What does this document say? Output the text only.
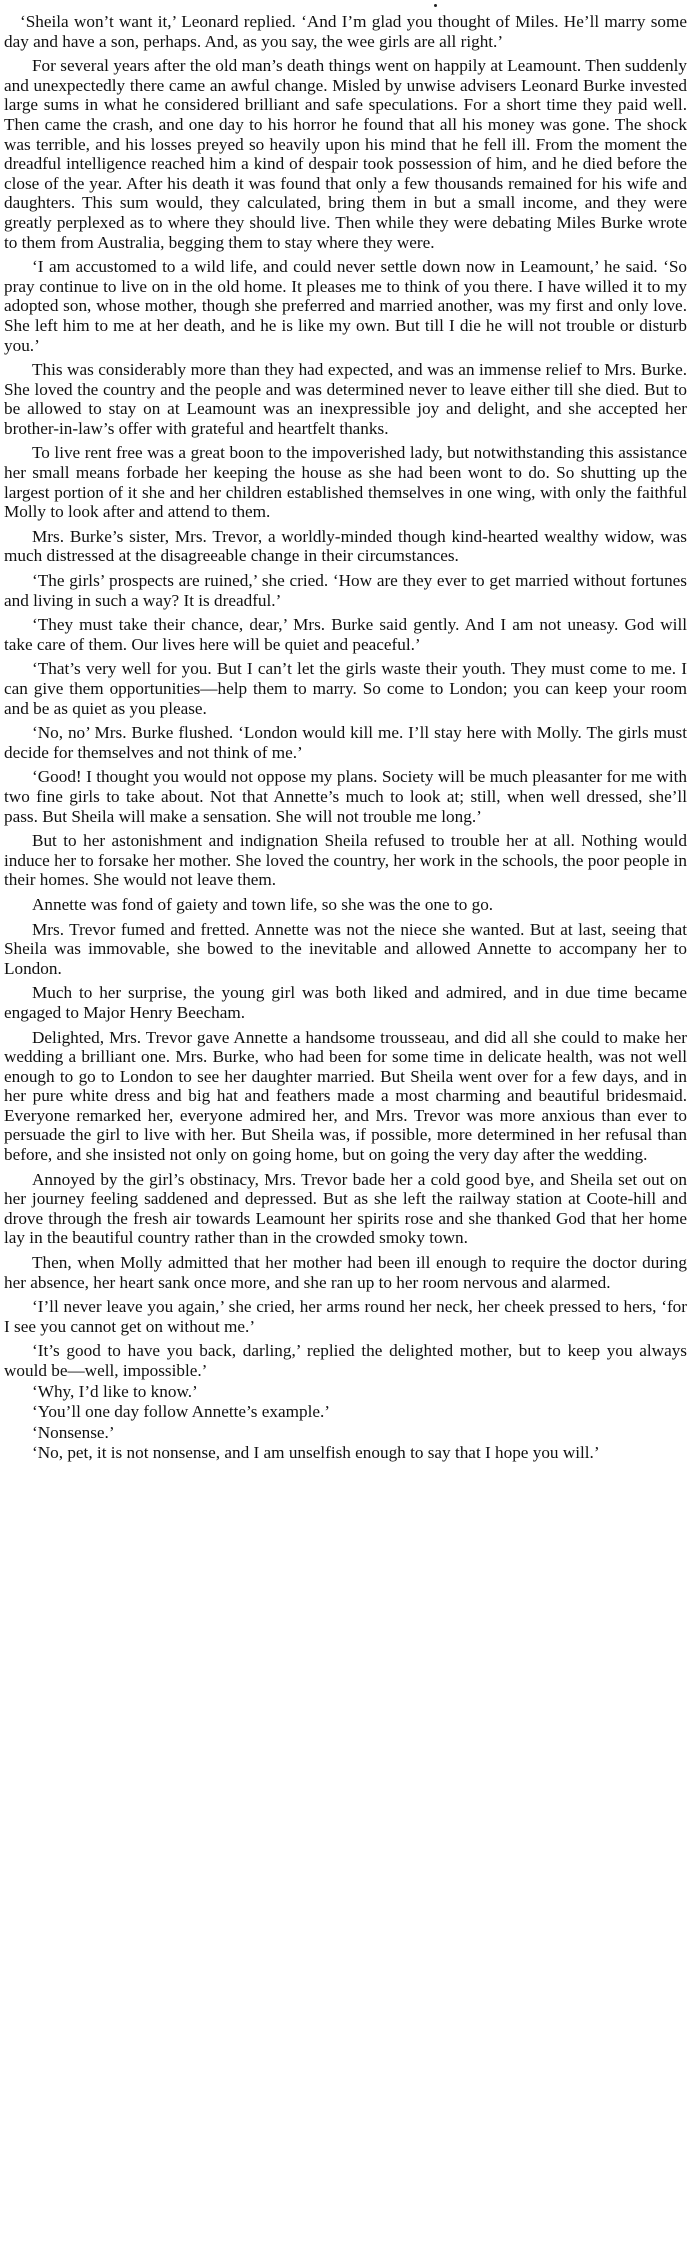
‘Sheila won’t want it,’ Leonard replied. ‘And I’m glad you thought of Miles. He’ll marry some day and have a son, perhaps. And, as you say, the wee girls are all right.’

For several years after the old man’s death things went on happily at Leamount. Then suddenly and unexpectedly there came an awful change. Misled by unwise advisers Leonard Burke invested large sums in what he considered brilliant and safe speculations. For a short time they paid well. Then came the crash, and one day to his horror he found that all his money was gone. The shock was terrible, and his losses preyed so heavily upon his mind that he fell ill. From the moment the dreadful intelligence reached him a kind of despair took possession of him, and he died before the close of the year. After his death it was found that only a few thousands remained for his wife and daughters. This sum would, they calculated, bring them in but a small income, and they were greatly perplexed as to where they should live. Then while they were debating Miles Burke wrote to them from Australia, begging them to stay where they were.

‘I am accustomed to a wild life, and could never settle down now in Leamount,’ he said. ‘So pray continue to live on in the old home. It pleases me to think of you there. I have willed it to my adopted son, whose mother, though she preferred and married another, was my first and only love. She left him to me at her death, and he is like my own. But till I die he will not trouble or disturb you.’

This was considerably more than they had expected, and was an immense relief to Mrs. Burke. She loved the country and the people and was determined never to leave either till she died. But to be allowed to stay on at Leamount was an inexpressible joy and delight, and she accepted her brother-in-law’s offer with grateful and heartfelt thanks.

To live rent free was a great boon to the impoverished lady, but notwithstanding this assistance her small means forbade her keeping the house as she had been wont to do. So shutting up the largest portion of it she and her children established themselves in one wing, with only the faithful Molly to look after and attend to them.

Mrs. Burke’s sister, Mrs. Trevor, a worldly-minded though kind-hearted wealthy widow, was much distressed at the disagreeable change in their circumstances.

‘The girls’ prospects are ruined,’ she cried. ‘How are they ever to get married without fortunes and living in such a way? It is dreadful.’

‘They must take their chance, dear,’ Mrs. Burke said gently. And I am not uneasy. God will take care of them. Our lives here will be quiet and peaceful.’

‘That’s very well for you. But I can’t let the girls waste their youth. They must come to me. I can give them opportunities—help them to marry. So come to London; you can keep your room and be as quiet as you please.

‘No, no’ Mrs. Burke flushed. ‘London would kill me. I’ll stay here with Molly. The girls must decide for themselves and not think of me.’

‘Good! I thought you would not oppose my plans. Society will be much pleasanter for me with two fine girls to take about. Not that Annette’s much to look at; still, when well dressed, she’ll pass. But Sheila will make a sensation. She will not trouble me long.’

But to her astonishment and indignation Sheila refused to trouble her at all. Nothing would induce her to forsake her mother. She loved the country, her work in the schools, the poor people in their homes. She would not leave them.

Annette was fond of gaiety and town life, so she was the one to go.

Mrs. Trevor fumed and fretted. Annette was not the niece she wanted. But at last, seeing that Sheila was immovable, she bowed to the inevitable and allowed Annette to accompany her to London.

Much to her surprise, the young girl was both liked and admired, and in due time became engaged to Major Henry Beecham.

Delighted, Mrs. Trevor gave Annette a handsome trousseau, and did all she could to make her wedding a brilliant one. Mrs. Burke, who had been for some time in delicate health, was not well enough to go to London to see her daughter married. But Sheila went over for a few days, and in her pure white dress and big hat and feathers made a most charming and beautiful bridesmaid. Everyone remarked her, everyone admired her, and Mrs. Trevor was more anxious than ever to persuade the girl to live with her. But Sheila was, if possible, more determined in her refusal than before, and she insisted not only on going home, but on going the very day after the wedding.

Annoyed by the girl’s obstinacy, Mrs. Trevor bade her a cold good bye, and Sheila set out on her journey feeling saddened and depressed. But as she left the railway station at Coote-hill and drove through the fresh air towards Leamount her spirits rose and she thanked God that her home lay in the beautiful country rather than in the crowded smoky town.

Then, when Molly admitted that her mother had been ill enough to require the doctor during her absence, her heart sank once more, and she ran up to her room nervous and alarmed.

‘I’ll never leave you again,’ she cried, her arms round her neck, her cheek pressed to hers, ‘for I see you cannot get on without me.’

‘It’s good to have you back, darling,’ replied the delighted mother, but to keep you always would be—well, impossible.’

‘Why, I’d like to know.’

‘You’ll one day follow Annette’s example.’

‘Nonsense.’

‘No, pet, it is not nonsense, and I am unselfish enough to say that I hope you will.’
